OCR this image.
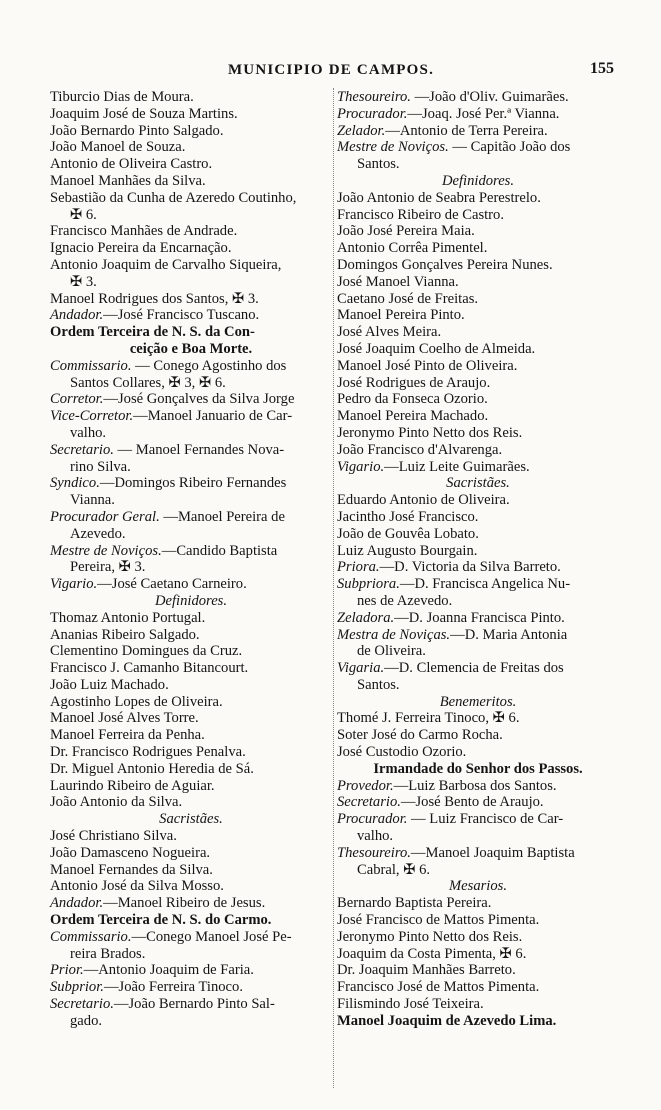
MUNICIPIO DE CAMPOS.	155
Tiburcio Dias de Moura.
Joaquim José de Souza Martins.
João Bernardo Pinto Salgado.
João Manoel de Souza.
Antonio de Oliveira Castro.
Manoel Manhães da Silva.
Sebastião da Cunha de Azeredo Coutinho,
✠ 6.
Francisco Manhães de Andrade.
Ignacio Pereira da Encarnação.
Antonio Joaquim de Carvalho Siqueira,
✠ 3.
Manoel Rodrigues dos Santos, ✠ 3.
Andador.—José Francisco Tuscano.
Ordem Terceira de N. S. da Con-
ceição e Boa Morte.
Commissario. — Conego Agostinho dos
Santos Collares, ✠ 3, ✠ 6.
Corretor.—José Gonçalves da Silva Jorge
Vice-Corretor.—Manoel Januario de Car-
valho.
Secretario. — Manoel Fernandes Nova-
rino Silva.
Syndico.—Domingos Ribeiro Fernandes
Vianna.
Procurador Geral. —Manoel Pereira de
Azevedo.
Mestre de Noviços.—Candido Baptista
Pereira, ✠ 3.
Vigario.—José Caetano Carneiro.
Definidores.
Thomaz Antonio Portugal.
Ananias Ribeiro Salgado.
Clementino Domingues da Cruz.
Francisco J. Camanho Bitancourt.
João Luiz Machado.
Agostinho Lopes de Oliveira.
Manoel José Alves Torre.
Manoel Ferreira da Penha.
Dr. Francisco Rodrigues Penalva.
Dr. Miguel Antonio Heredia de Sá.
Laurindo Ribeiro de Aguiar.
João Antonio da Silva.
Sacristães.
José Christiano Silva.
João Damasceno Nogueira.
Manoel Fernandes da Silva.
Antonio José da Silva Mosso.
Andador.—Manoel Ribeiro de Jesus.
Ordem Terceira de N. S. do Carmo.
Commissario.—Conego Manoel José Pe-
reira Brados.
Prior.—Antonio Joaquim de Faria.
Subprior.—João Ferreira Tinoco.
Secretario.—João Bernardo Pinto Sal-
gado.
Thesoureiro. —João d'Oliv. Guimarães.
Procurador.—Joaq. José Per.ª Vianna.
Zelador.—Antonio de Terra Pereira.
Mestre de Noviços. — Capitão João dos
Santos.
Definidores.
João Antonio de Seabra Perestrelo.
Francisco Ribeiro de Castro.
João José Pereira Maia.
Antonio Corrêa Pimentel.
Domingos Gonçalves Pereira Nunes.
José Manoel Vianna.
Caetano José de Freitas.
Manoel Pereira Pinto.
José Alves Meira.
José Joaquim Coelho de Almeida.
Manoel José Pinto de Oliveira.
José Rodrigues de Araujo.
Pedro da Fonseca Ozorio.
Manoel Pereira Machado.
Jeronymo Pinto Netto dos Reis.
João Francisco d'Alvarenga.
Vigario.—Luiz Leite Guimarães.
Sacristães.
Eduardo Antonio de Oliveira.
Jacintho José Francisco.
João de Gouvêa Lobato.
Luiz Augusto Bourgain.
Priora.—D. Victoria da Silva Barreto.
Subpriora.—D. Francisca Angelica Nu-
nes de Azevedo.
Zeladora.—D. Joanna Francisca Pinto.
Mestra de Noviças.—D. Maria Antonia
de Oliveira.
Vigaria.—D. Clemencia de Freitas dos
Santos.
Benemeritos.
Thomé J. Ferreira Tinoco, ✠ 6.
Soter José do Carmo Rocha.
José Custodio Ozorio.
Irmandade do Senhor dos Passos.
Provedor.—Luiz Barbosa dos Santos.
Secretario.—José Bento de Araujo.
Procurador. — Luiz Francisco de Car-
valho.
Thesoureiro.—Manoel Joaquim Baptista
Cabral, ✠ 6.
Mesarios.
Bernardo Baptista Pereira.
José Francisco de Mattos Pimenta.
Jeronymo Pinto Netto dos Reis.
Joaquim da Costa Pimenta, ✠ 6.
Dr. Joaquim Manhães Barreto.
Francisco José de Mattos Pimenta.
Filismindo José Teixeira.
Manoel Joaquim de Azevedo Lima.
